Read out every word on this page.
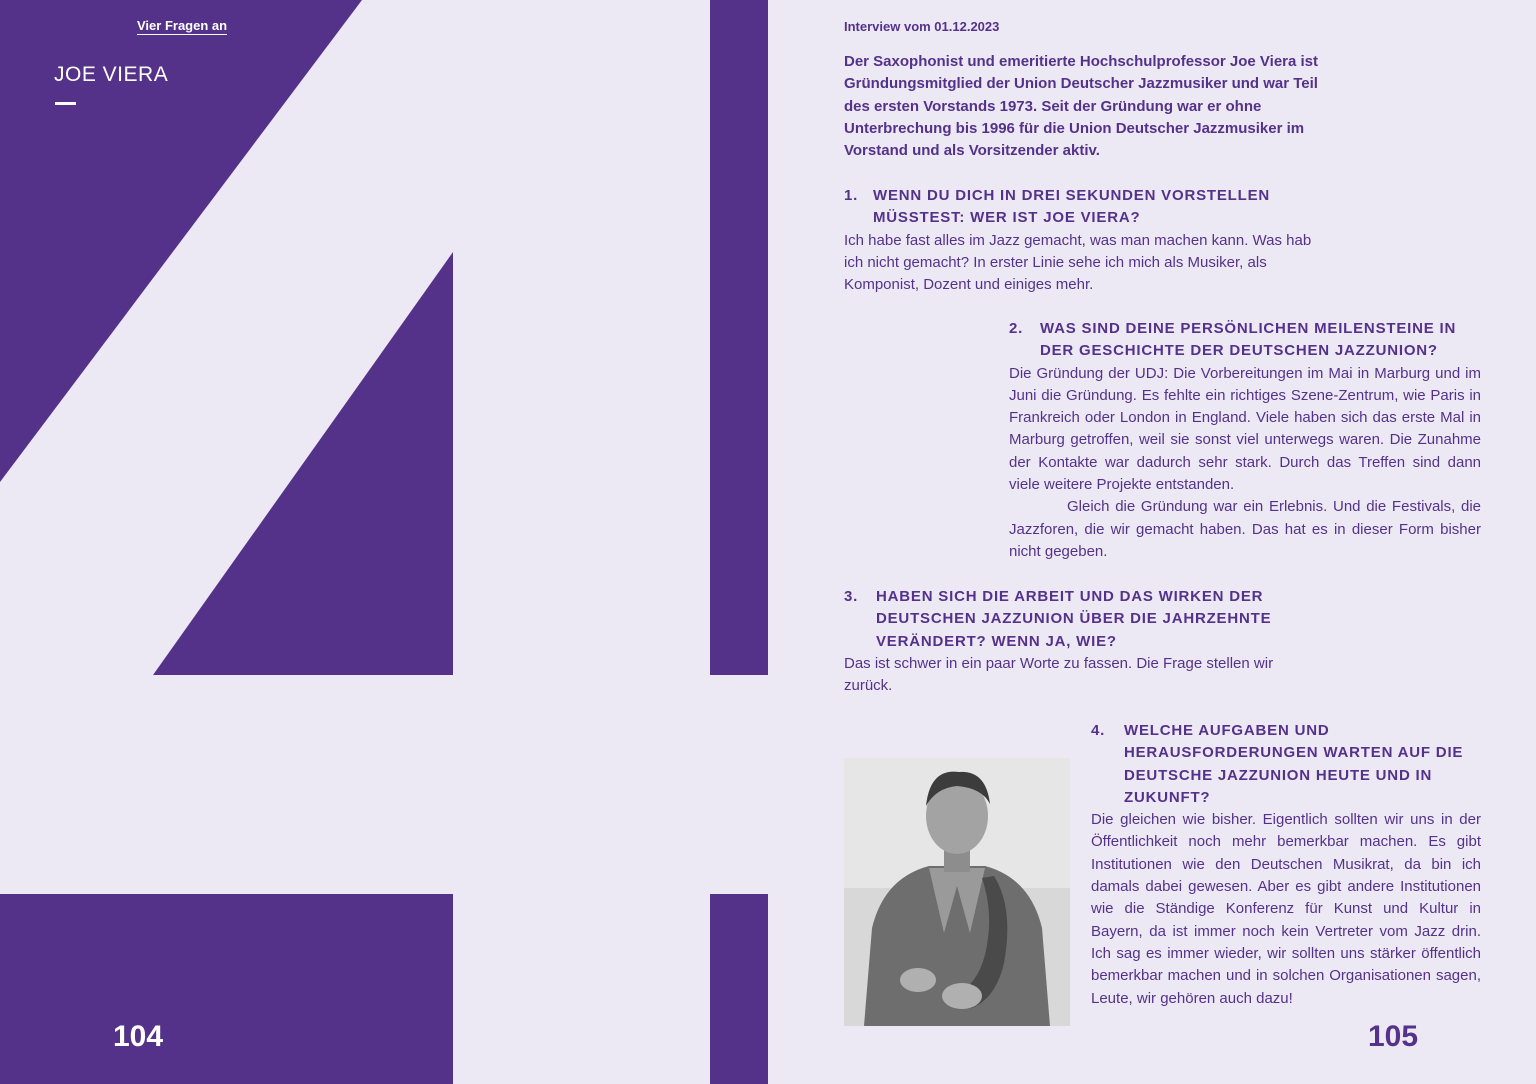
Vier Fragen an
JOE VIERA
104
Interview vom 01.12.2023
Der Saxophonist und emeritierte Hochschulprofessor Joe Viera ist Gründungsmitglied der Union Deutscher Jazzmusiker und war Teil des ersten Vorstands 1973. Seit der Gründung war er ohne Unterbrechung bis 1996 für die Union Deutscher Jazzmusiker im Vorstand und als Vorsitzender aktiv.
1. WENN DU DICH IN DREI SEKUNDEN VORSTELLEN MÜSSTEST: WER IST JOE VIERA?

Ich habe fast alles im Jazz gemacht, was man machen kann. Was hab ich nicht gemacht? In erster Linie sehe ich mich als Musiker, als Komponist, Dozent und einiges mehr.

2.	WAS SIND DEINE PERSÖNLICHEN MEILENSTEINE IN DER GESCHICHTE DER DEUTSCHEN JAZZUNION?

Die Gründung der UDJ: Die Vorbereitungen im Mai in Marburg und im Juni die Gründung. Es fehlte ein richtiges Szene-Zentrum, wie Paris in Frankreich oder London in England. Viele haben sich das erste Mal in Marburg getroffen, weil sie sonst viel unterwegs waren. Die Zunahme der Kontakte war dadurch sehr stark. Durch das Treffen sind dann viele weitere Projekte entstanden.

Gleich die Gründung war ein Erlebnis. Und die Festivals, die Jazzforen, die wir gemacht haben. Das hat es in dieser Form bisher nicht gegeben.

3.	HABEN SICH DIE ARBEIT UND DAS WIRKEN DER DEUTSCHEN JAZZUNION ÜBER DIE JAHRZEHNTE VERÄNDERT? WENN JA, WIE?

Das ist schwer in ein paar Worte zu fassen. Die Frage stellen wir zurück.

4.	WELCHE AUFGABEN UND HERAUSFORDERUNGEN WARTEN AUF DIE DEUTSCHE JAZZUNION HEUTE UND IN ZUKUNFT?

Die gleichen wie bisher. Eigentlich sollten wir uns in der Öffentlichkeit noch mehr bemerkbar machen. Es gibt Institutionen wie den Deutschen Musikrat, da bin ich damals dabei gewesen. Aber es gibt andere Institutionen wie die Ständige Konferenz für Kunst und Kultur in Bayern, da ist immer noch kein Vertreter vom Jazz drin. Ich sag es immer wieder, wir sollten uns stärker öffentlich bemerkbar machen und in solchen Organisationen sagen, Leute, wir gehören auch dazu!

105
